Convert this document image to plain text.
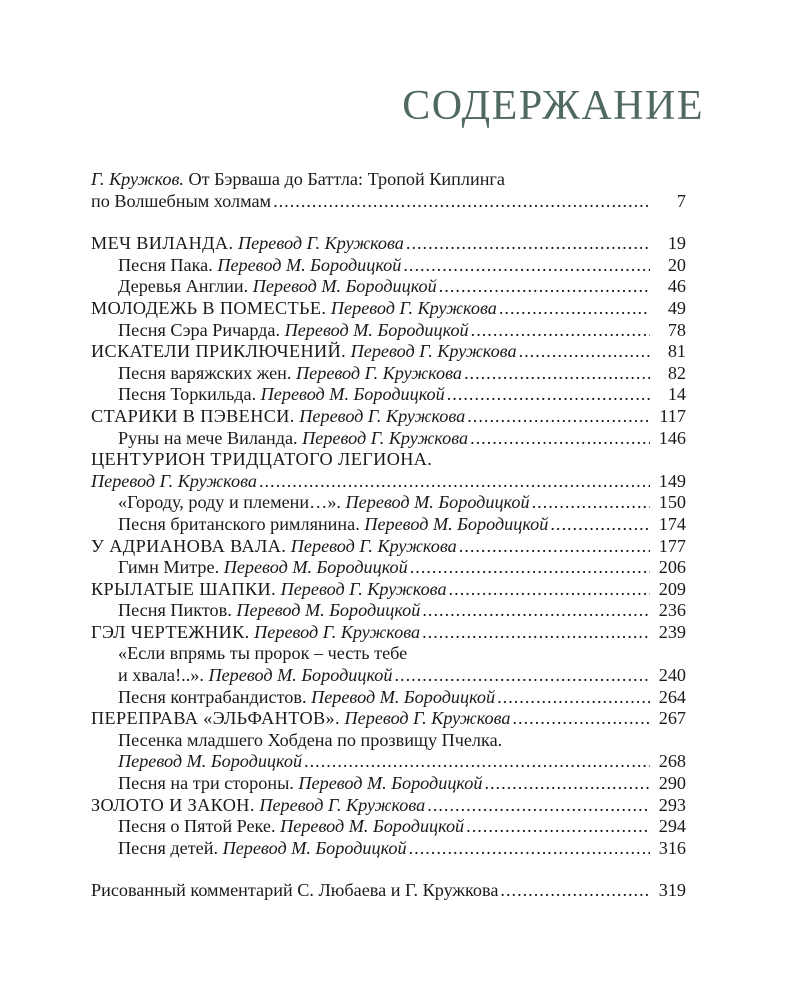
СОДЕРЖАНИЕ
Г. Кружков. От Бэрваша до Баттла: Тропой Киплинга
по Волшебным холмам .....	7
МЕЧ ВИЛАНДА.
Перевод Г. Кружкова .....	19
Песня Пака.
Перевод М. Бородицкой .....	20
Деревья Англии.
Перевод М. Бородицкой .....	46
МОЛОДЕЖЬ В ПОМЕСТЬЕ.
Перевод Г. Кружкова .....	49
Песня Сэра Ричарда.
Перевод М. Бородицкой .....	78
ИСКАТЕЛИ ПРИКЛЮЧЕНИЙ.
Перевод Г. Кружкова .....	81
Песня варяжских жен.
Перевод Г. Кружкова .....	82
Песня Торкильда.
Перевод М. Бородицкой .....	14
СТАРИКИ В ПЭВЕНСИ.
Перевод Г. Кружкова .....	117
Руны на мече Виланда.
Перевод Г. Кружкова .....	146
ЦЕНТУРИОН ТРИДЦАТОГО ЛЕГИОНА.
Перевод Г. Кружкова .....	149
«Городу, роду и племени…».
Перевод М. Бородицкой .....	150
Песня британского римлянина.
Перевод М. Бородицкой .....	174
У АДРИАНОВА ВАЛА.
Перевод Г. Кружкова .....	177
Гимн Митре.
Перевод М. Бородицкой .....	206
КРЫЛАТЫЕ ШАПКИ.
Перевод Г. Кружкова .....	209
Песня Пиктов.
Перевод М. Бородицкой .....	236
ГЭЛ ЧЕРТЕЖНИК.
Перевод Г. Кружкова .....	239
«Если впрямь ты пророк – честь тебе
и хвала!..».
Перевод М. Бородицкой .....	240
Песня контрабандистов.
Перевод М. Бородицкой .....	264
ПЕРЕПРАВА «ЭЛЬФАНТОВ».
Перевод Г. Кружкова .....	267
Песенка младшего Хобдена по прозвищу Пчелка.
Перевод М. Бородицкой .....	268
Песня на три стороны.
Перевод М. Бородицкой .....	290
ЗОЛОТО И ЗАКОН.
Перевод Г. Кружкова .....	293
Песня о Пятой Реке.
Перевод М. Бородицкой .....	294
Песня детей.
Перевод М. Бородицкой .....	316
Рисованный комментарий С. Любаева и Г. Кружкова .....	319
